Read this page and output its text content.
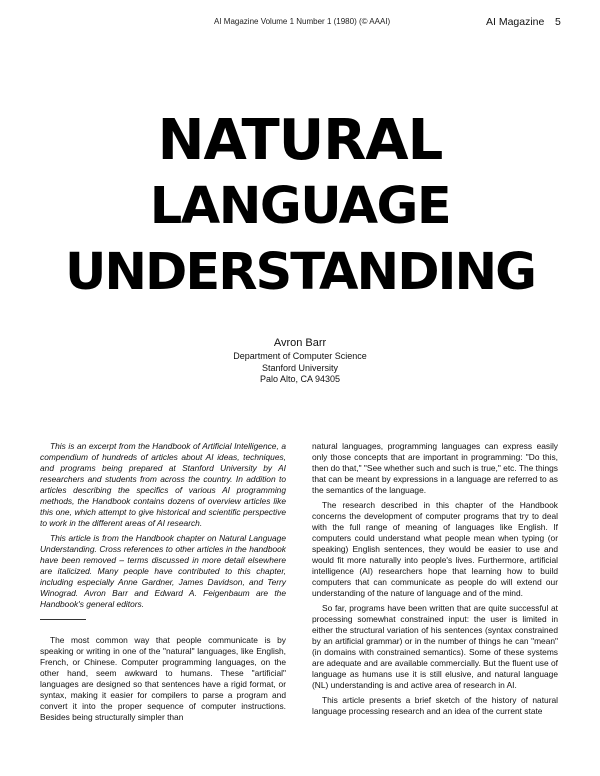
AI Magazine Volume 1 Number 1 (1980) (© AAAI)	AI Magazine 5
NATURAL
LANGUAGE
UNDERSTANDING
Avron Barr
Department of Computer Science
Stanford University
Palo Alto, CA 94305

This is an excerpt from the Handbook of Artificial Intelligence, a compendium of hundreds of articles about AI ideas, techniques, and programs being prepared at Stanford University by AI researchers and students from across the country. In addition to articles describing the specifics of various AI programming methods, the Handbook contains dozens of overview articles like this one, which attempt to give historical and scientific perspective to work in the different areas of AI research.

This article is from the Handbook chapter on Natural Language Understanding. Cross references to other articles in the handbook have been removed – terms discussed in more detail elsewhere are italicized. Many people have contributed to this chapter, including especially Anne Gardner, James Davidson, and Terry Winograd. Avron Barr and Edward A. Feigenbaum are the Handbook's general editors.

The most common way that people communicate is by speaking or writing in one of the "natural" languages, like English, French, or Chinese. Computer programming languages, on the other hand, seem awkward to humans. These "artificial" languages are designed so that sentences have a rigid format, or syntax, making it easier for compilers to parse a program and convert it into the proper sequence of computer instructions. Besides being structurally simpler than

natural languages, programming languages can express easily only those concepts that are important in programming: "Do this, then do that," "See whether such and such is true," etc. The things that can be meant by expressions in a language are referred to as the semantics of the language.

The research described in this chapter of the Handbook concerns the development of computer programs that try to deal with the full range of meaning of languages like English. If computers could understand what people mean when typing (or speaking) English sentences, they would be easier to use and would fit more naturally into people's lives. Furthermore, artificial intelligence (AI) researchers hope that learning how to build computers that can communicate as people do will extend our understanding of the nature of language and of the mind.

So far, programs have been written that are quite successful at processing somewhat constrained input: the user is limited in either the structural variation of his sentences (syntax constrained by an artificial grammar) or in the number of things he can "mean" (in domains with constrained semantics). Some of these systems are adequate and are available commercially. But the fluent use of language as humans use it is still elusive, and natural language (NL) understanding is and active area of research in AI.

This article presents a brief sketch of the history of natural language processing research and an idea of the current state
